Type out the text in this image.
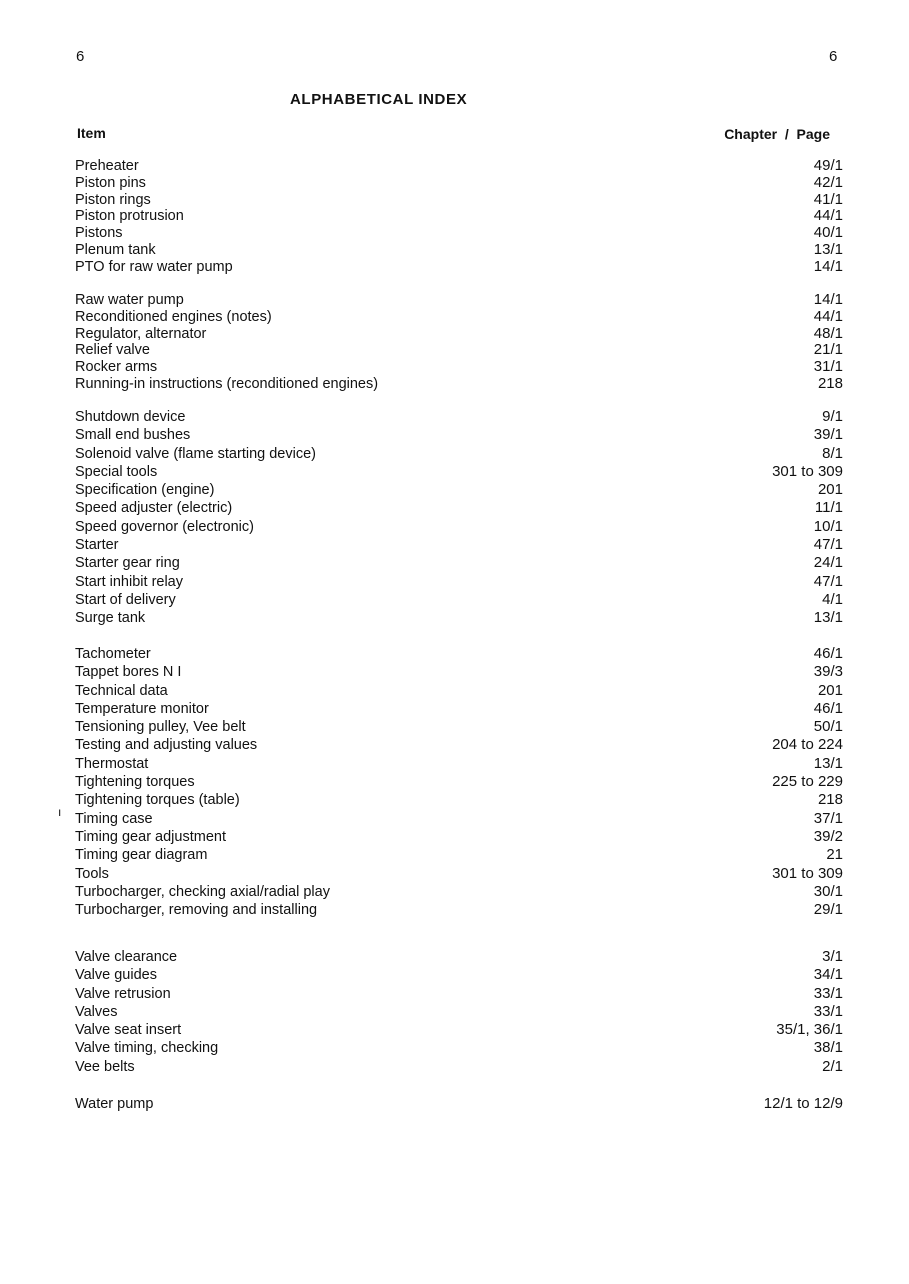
6	6
ALPHABETICAL INDEX
Item	Chapter  /  Page
ı
Preheater	49/1
Piston pins	42/1
Piston rings	41/1
Piston protrusion	44/1
Pistons	40/1
Plenum tank	13/1
PTO for raw water pump	14/1
Raw water pump	14/1
Reconditioned engines (notes)	44/1
Regulator, alternator	48/1
Relief valve	21/1
Rocker arms	31/1
Running-in instructions (reconditioned engines)	218
Shutdown device	9/1
Small end bushes	39/1
Solenoid valve (flame starting device)	8/1
Special tools	301 to 309
Specification (engine)	201
Speed adjuster (electric)	11/1
Speed governor (electronic)	10/1
Starter	47/1
Starter gear ring	24/1
Start inhibit relay	47/1
Start of delivery	4/1
Surge tank	13/1
Tachometer	46/1
Tappet bores N I	39/3
Technical data	201
Temperature monitor	46/1
Tensioning pulley, Vee belt	50/1
Testing and adjusting values	204 to 224
Thermostat	13/1
Tightening torques	225 to 229
Tightening torques (table)	218
Timing case	37/1
Timing gear adjustment	39/2
Timing gear diagram	21
Tools	301 to 309
Turbocharger, checking axial/radial play	30/1
Turbocharger, removing and installing	29/1
Valve clearance	3/1
Valve guides	34/1
Valve retrusion	33/1
Valves	33/1
Valve seat insert	35/1, 36/1
Valve timing, checking	38/1
Vee belts	2/1
Water pump	12/1 to 12/9
